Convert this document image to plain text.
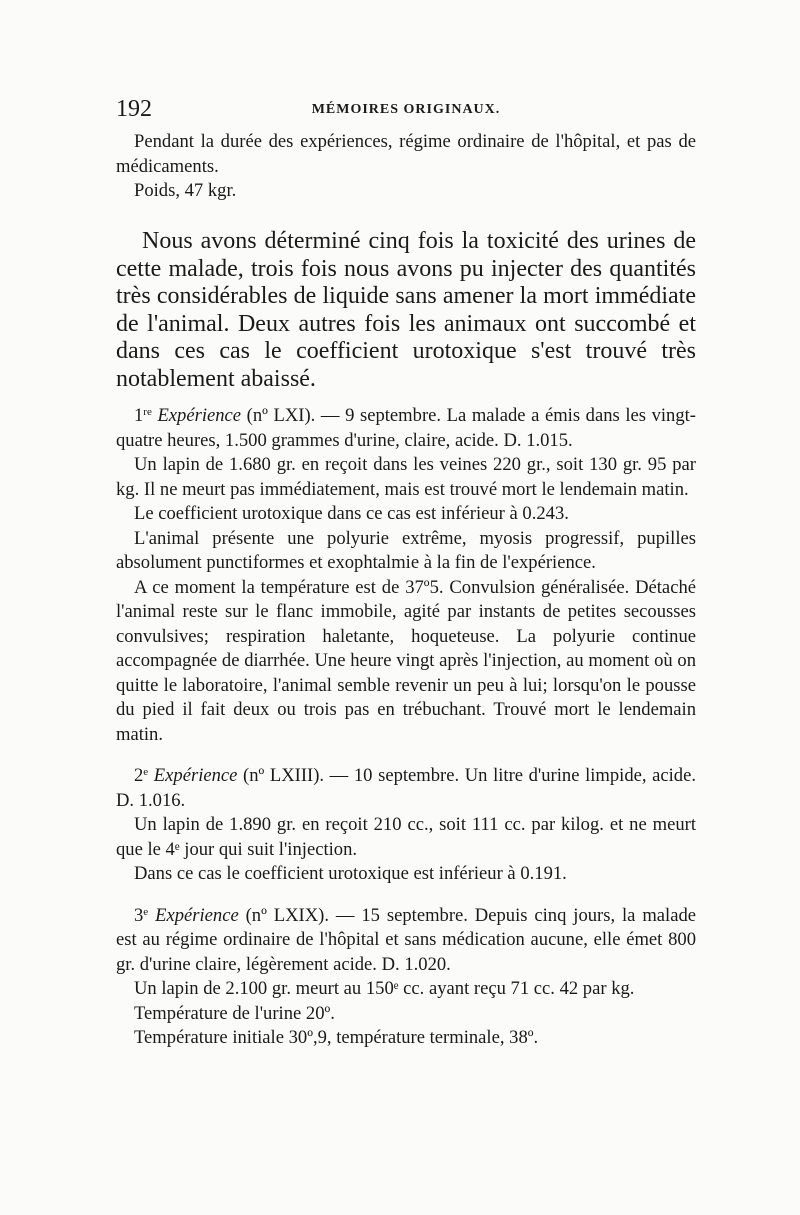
192	MÉMOIRES ORIGINAUX.

Pendant la durée des expériences, régime ordinaire de l'hôpital, et pas de médicaments.

Poids, 47 kgr.

Nous avons déterminé cinq fois la toxicité des urines de cette malade, trois fois nous avons pu injecter des quantités très considérables de liquide sans amener la mort immédiate de l'animal. Deux autres fois les animaux ont succombé et dans ces cas le coefficient urotoxique s'est trouvé très notablement abaissé.

1re Expérience (nº LXI). — 9 septembre. La malade a émis dans les vingt-quatre heures, 1.500 grammes d'urine, claire, acide. D. 1.015.

Un lapin de 1.680 gr. en reçoit dans les veines 220 gr., soit 130 gr. 95 par kg. Il ne meurt pas immédiatement, mais est trouvé mort le lendemain matin.

Le coefficient urotoxique dans ce cas est inférieur à 0.243.

L'animal présente une polyurie extrême, myosis progressif, pupilles absolument punctiformes et exophtalmie à la fin de l'expérience.

A ce moment la température est de 37º5. Convulsion généralisée. Détaché l'animal reste sur le flanc immobile, agité par instants de petites secousses convulsives; respiration haletante, hoqueteuse. La polyurie continue accompagnée de diarrhée. Une heure vingt après l'injection, au moment où on quitte le laboratoire, l'animal semble revenir un peu à lui; lorsqu'on le pousse du pied il fait deux ou trois pas en trébuchant. Trouvé mort le lendemain matin.

2e Expérience (nº LXIII). — 10 septembre. Un litre d'urine limpide, acide. D. 1.016.

Un lapin de 1.890 gr. en reçoit 210 cc., soit 111 cc. par kilog. et ne meurt que le 4ᵉ jour qui suit l'injection.

Dans ce cas le coefficient urotoxique est inférieur à 0.191.

3e Expérience (nº LXIX). — 15 septembre. Depuis cinq jours, la malade est au régime ordinaire de l'hôpital et sans médication aucune, elle émet 800 gr. d'urine claire, légèrement acide. D. 1.020.

Un lapin de 2.100 gr. meurt au 150ᵉ cc. ayant reçu 71 cc. 42 par kg.

Température de l'urine 20º.

Température initiale 30º,9, température terminale, 38º.
